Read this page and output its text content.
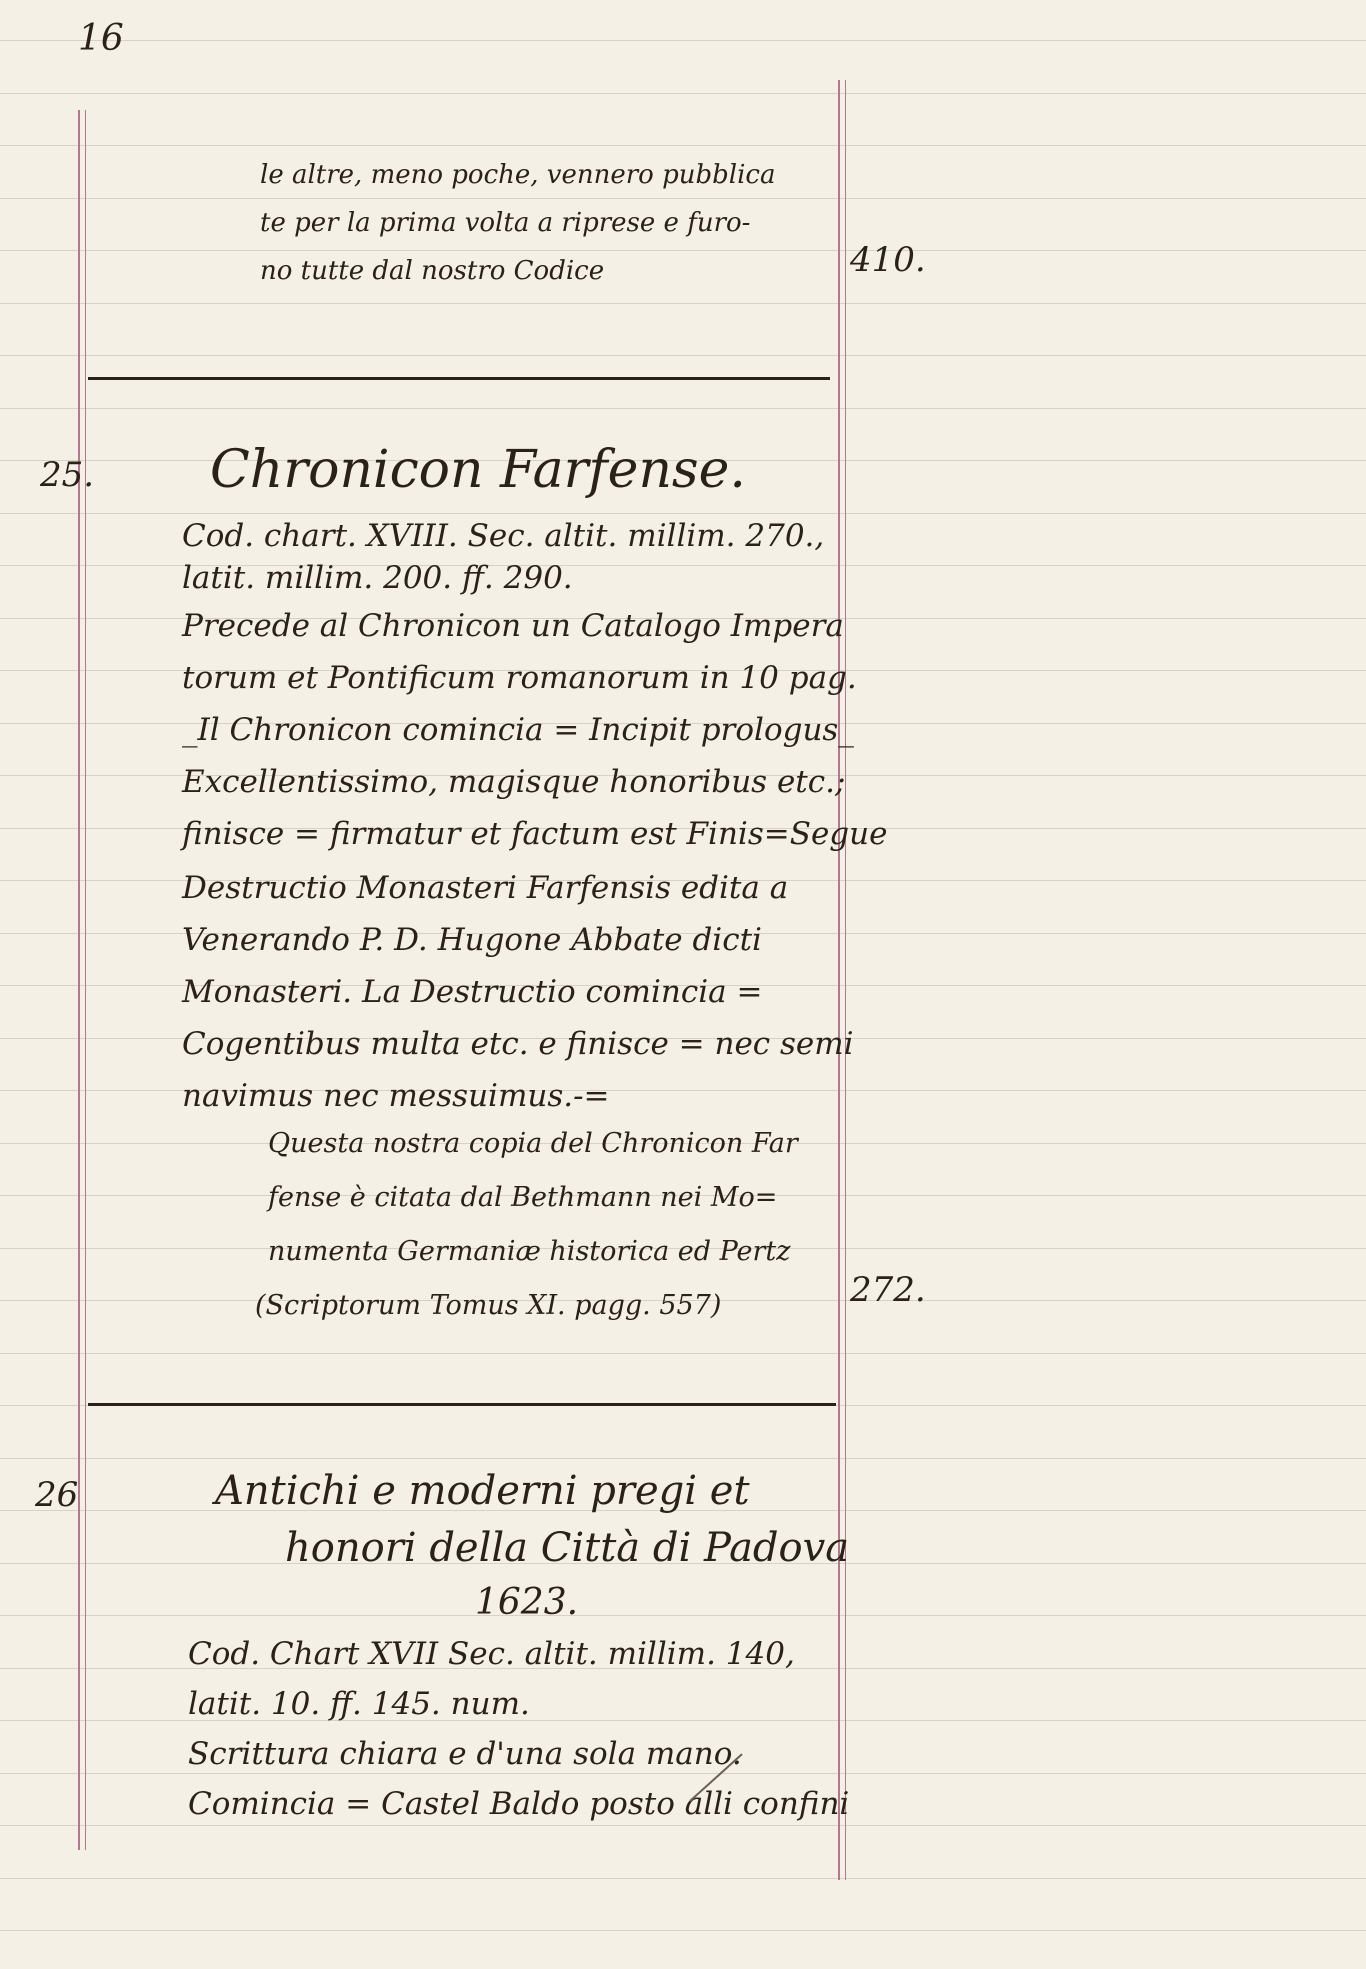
16
le altre, meno poche, vennero pubblica
te per la prima volta a riprese e furo-
no tutte dal nostro Codice	410.
25. Chronicon Farfense.
Cod. chart. XVIII. Sec. altit. millim. 270.,
latit. millim. 200. ff. 290.
Precede al Chronicon un Catalogo Impera
torum et Pontificum romanorum in 10 pag.
_Il Chronicon comincia = Incipit prologus_
Excellentissimo, magisque honoribus etc.;
finisce = firmatur et factum est Finis=Segue
Destructio Monasteri Farfensis edita a
Venerando P. D. Hugone Abbate dicti
Monasteri. La Destructio comincia =
Cogentibus multa etc. e finisce = nec semi
navimus nec messuimus.-=
Questa nostra copia del Chronicon Far
fense è citata dal Bethmann nei Mo=
numenta Germaniæ historica ed Pertz
(Scriptorum Tomus XI. pagg. 557)	272.
26	Antichi e moderni pregi et
honori della Città di Padova
1623.
Cod. Chart XVII Sec. altit. millim. 140,
latit. 10. ff. 145. num.
Scrittura chiara e d'una sola mano.
Comincia = Castel Baldo posto alli confini
